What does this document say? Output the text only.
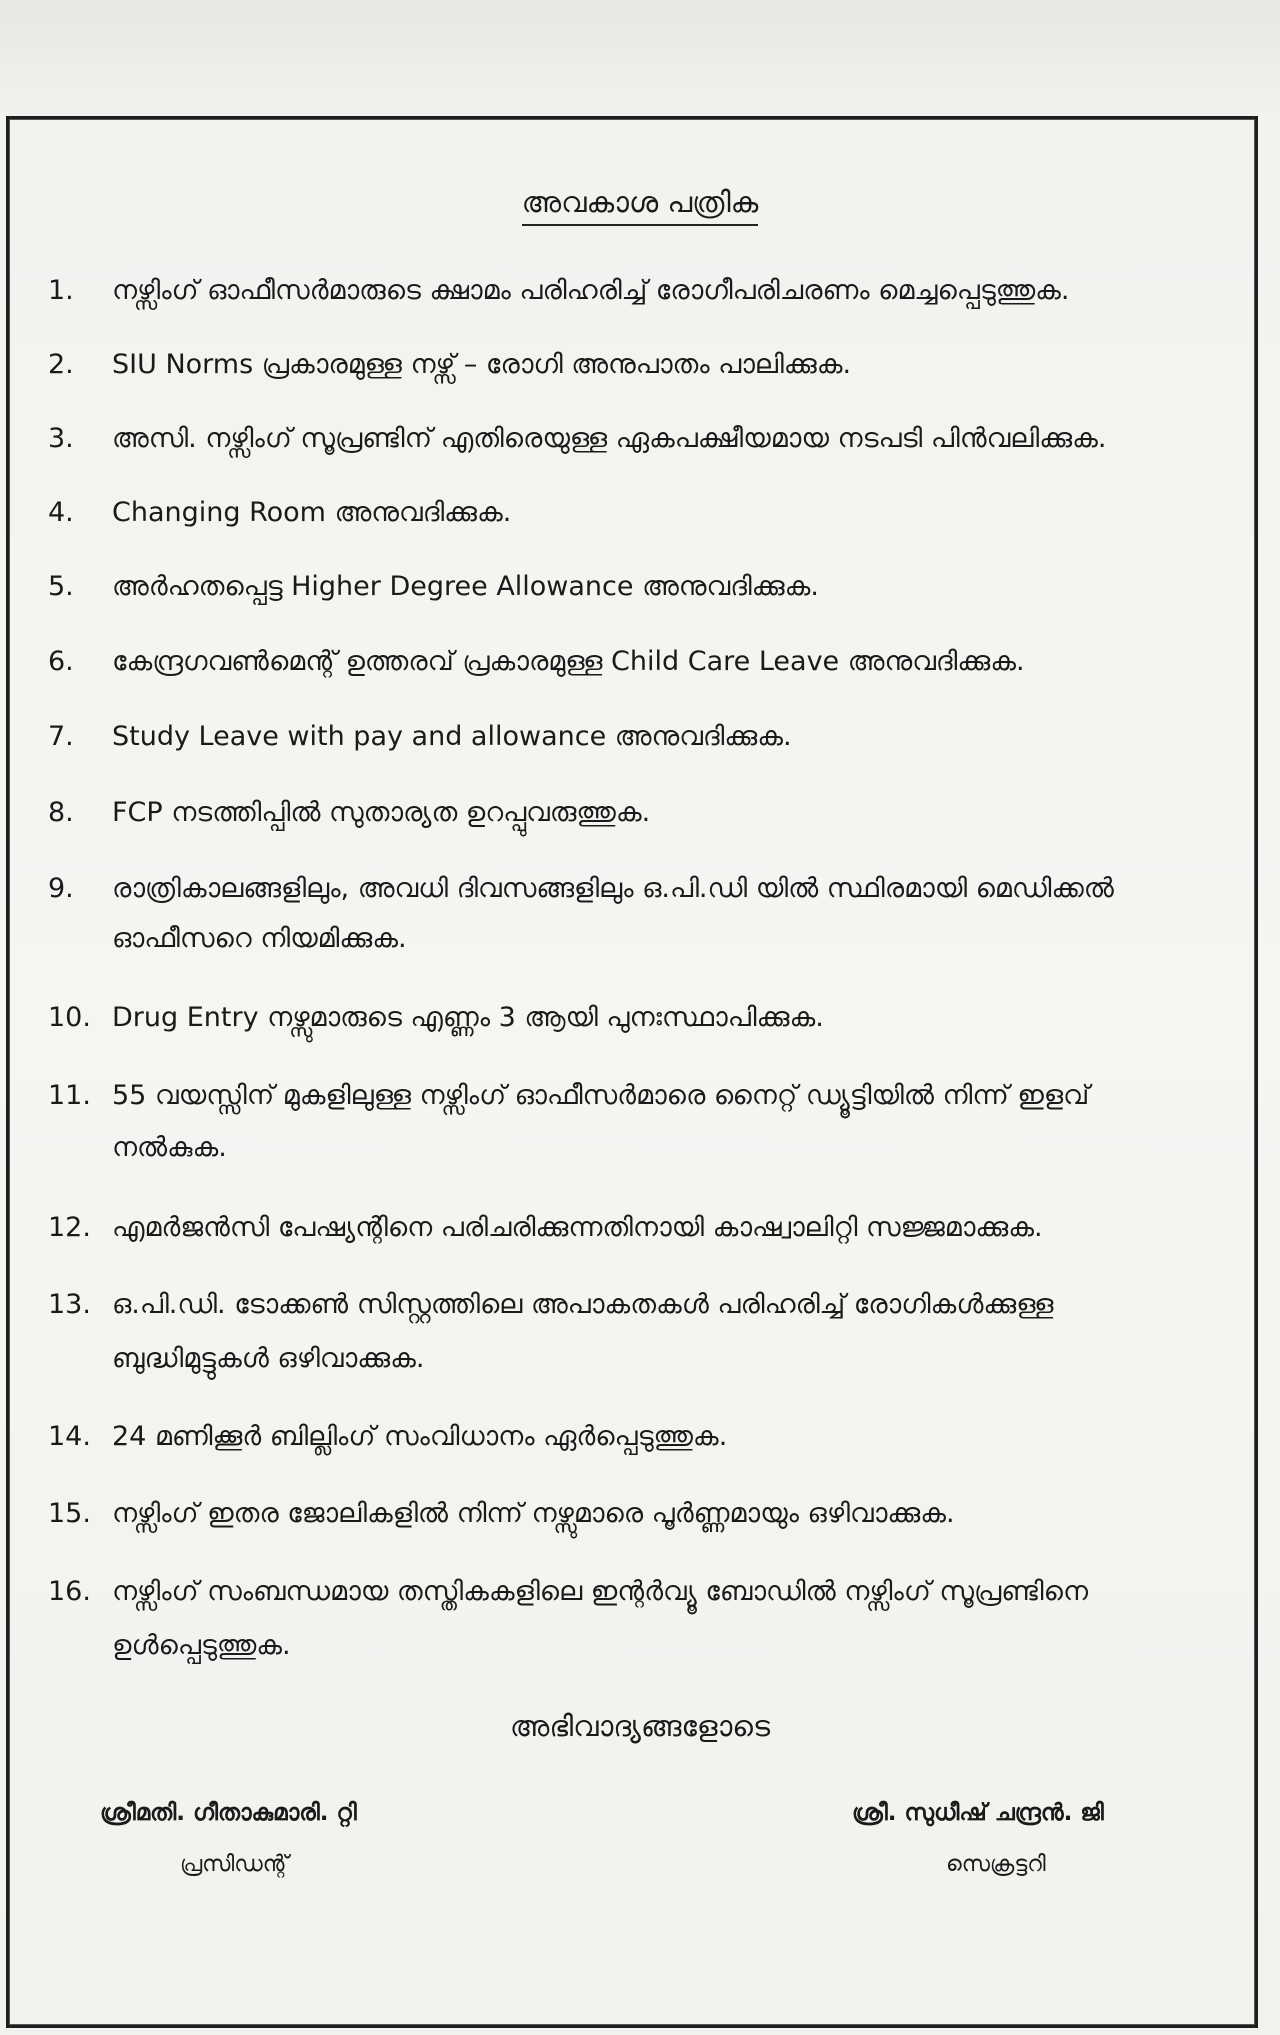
അവകാശ പത്രിക
1.	നഴ്സിംഗ് ഓഫീസർമാരുടെ ക്ഷാമം പരിഹരിച്ച് രോഗീപരിചരണം മെച്ചപ്പെടുത്തുക.
2.	SIU Norms പ്രകാരമുള്ള നഴ്സ് – രോഗി അനുപാതം പാലിക്കുക.
3.	അസി. നഴ്സിംഗ് സൂപ്രണ്ടിന് എതിരെയുള്ള ഏകപക്ഷീയമായ നടപടി പിൻവലിക്കുക.
4.	Changing Room അനുവദിക്കുക.
5.	അർഹതപ്പെട്ട Higher Degree Allowance അനുവദിക്കുക.
6.	കേന്ദ്രഗവൺമെന്റ് ഉത്തരവ് പ്രകാരമുള്ള Child Care Leave അനുവദിക്കുക.
7.	Study Leave with pay and allowance അനുവദിക്കുക.
8.	FCP നടത്തിപ്പിൽ സുതാര്യത ഉറപ്പുവരുത്തുക.
9.	രാത്രികാലങ്ങളിലും, അവധി ദിവസങ്ങളിലും ഒ.പി.ഡി യിൽ സ്ഥിരമായി മെഡിക്കൽ
ഓഫീസറെ നിയമിക്കുക.
10. Drug Entry നഴ്സുമാരുടെ എണ്ണം 3 ആയി പുനഃസ്ഥാപിക്കുക.
11. 55 വയസ്സിന് മുകളിലുള്ള നഴ്സിംഗ് ഓഫീസർമാരെ നൈറ്റ് ഡ്യൂട്ടിയിൽ നിന്ന് ഇളവ്
നൽകുക.
12. എമർജൻസി പേഷ്യന്റിനെ പരിചരിക്കുന്നതിനായി കാഷ്വാലിറ്റി സജ്ജമാക്കുക.
13. ഒ.പി.ഡി. ടോക്കൺ സിസ്റ്റത്തിലെ അപാകതകൾ പരിഹരിച്ച് രോഗികൾക്കുള്ള
ബുദ്ധിമുട്ടുകൾ ഒഴിവാക്കുക.
14. 24 മണിക്കൂർ ബില്ലിംഗ് സംവിധാനം ഏർപ്പെടുത്തുക.
15. നഴ്സിംഗ് ഇതര ജോലികളിൽ നിന്ന് നഴ്സുമാരെ പൂർണ്ണമായും ഒഴിവാക്കുക.
16. നഴ്സിംഗ് സംബന്ധമായ തസ്തികകളിലെ ഇന്റർവ്യൂ ബോഡിൽ നഴ്സിംഗ് സൂപ്രണ്ടിനെ
ഉൾപ്പെടുത്തുക.
അഭിവാദ്യങ്ങളോടെ
ശ്രീമതി. ഗീതാകുമാരി. റ്റി
പ്രസിഡന്റ്
ശ്രീ. സുധീഷ് ചന്ദ്രൻ. ജി
സെക്രട്ടറി
